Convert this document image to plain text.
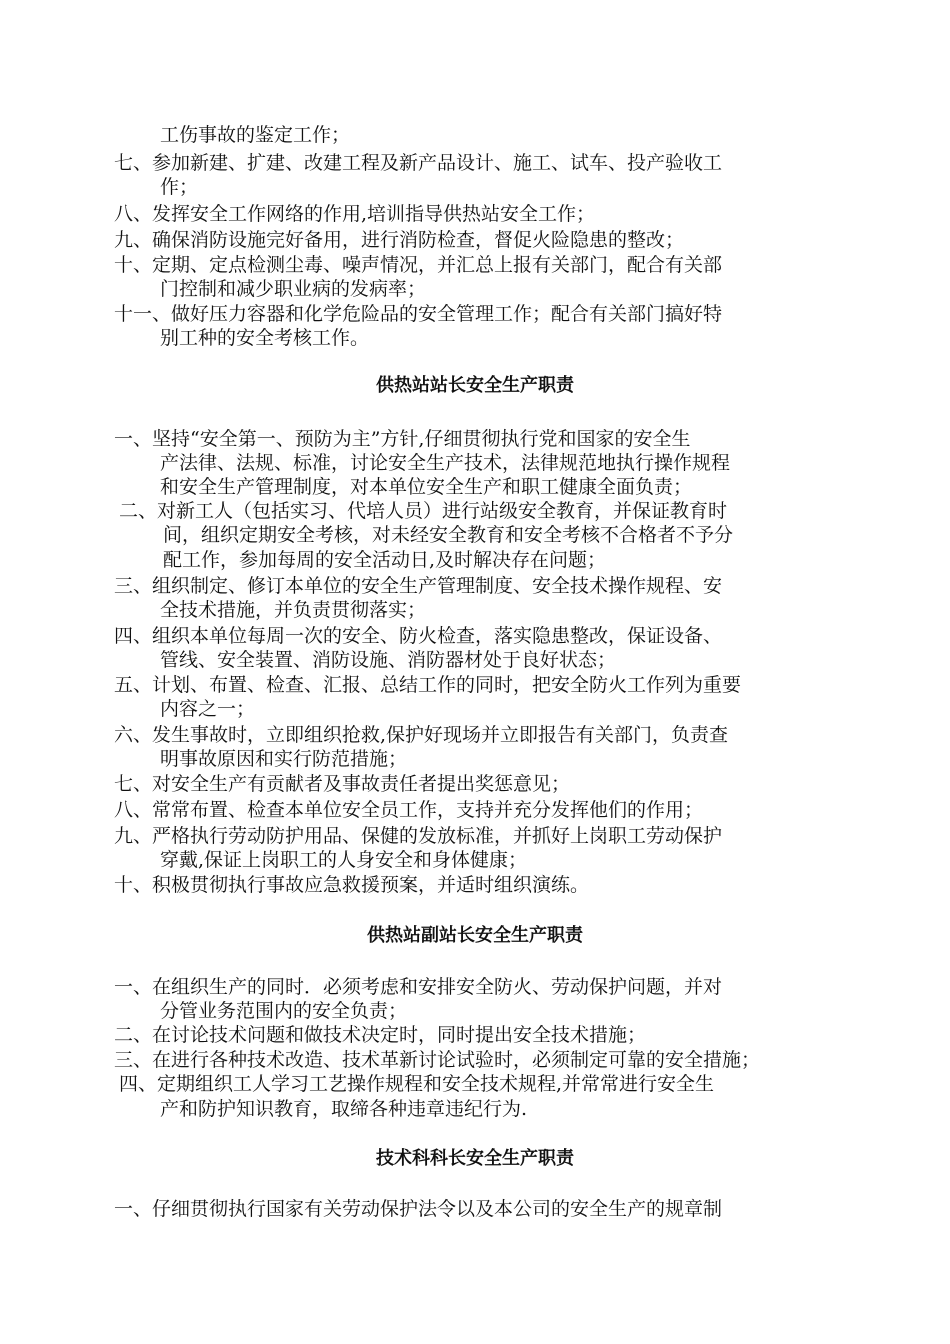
工伤事故的鉴定工作；
七、参加新建、扩建、改建工程及新产品设计、施工、试车、投产验收工
作；
八、发挥安全工作网络的作用,培训指导供热站安全工作；
九、确保消防设施完好备用，进行消防检查，督促火险隐患的整改；
十、定期、定点检测尘毒、噪声情况，并汇总上报有关部门，配合有关部
门控制和减少职业病的发病率；
十一、做好压力容器和化学危险品的安全管理工作；配合有关部门搞好特
别工种的安全考核工作。
供热站站长安全生产职责
一、坚持“安全第一、预防为主”方针,仔细贯彻执行党和国家的安全生
产法律、法规、标准，讨论安全生产技术，法律规范地执行操作规程
和安全生产管理制度，对本单位安全生产和职工健康全面负责；
二、对新工人（包括实习、代培人员）进行站级安全教育，并保证教育时
间，组织定期安全考核，对未经安全教育和安全考核不合格者不予分
配工作，参加每周的安全活动日,及时解决存在问题；
三、组织制定、修订本单位的安全生产管理制度、安全技术操作规程、安
全技术措施，并负责贯彻落实；
四、组织本单位每周一次的安全、防火检查，落实隐患整改，保证设备、
管线、安全装置、消防设施、消防器材处于良好状态；
五、计划、布置、检查、汇报、总结工作的同时，把安全防火工作列为重要
内容之一；
六、发生事故时，立即组织抢救,保护好现场并立即报告有关部门，负责查
明事故原因和实行防范措施；
七、对安全生产有贡献者及事故责任者提出奖惩意见；
八、常常布置、检查本单位安全员工作，支持并充分发挥他们的作用；
九、严格执行劳动防护用品、保健的发放标准，并抓好上岗职工劳动保护
穿戴,保证上岗职工的人身安全和身体健康；
十、积极贯彻执行事故应急救援预案，并适时组织演练。
供热站副站长安全生产职责
一、在组织生产的同时．必须考虑和安排安全防火、劳动保护问题，并对
分管业务范围内的安全负责；
二、在讨论技术问题和做技术决定时，同时提出安全技术措施；
三、在进行各种技术改造、技术革新讨论试验时，必须制定可靠的安全措施；
四、定期组织工人学习工艺操作规程和安全技术规程,并常常进行安全生
产和防护知识教育，取缔各种违章违纪行为.
技术科科长安全生产职责
一、仔细贯彻执行国家有关劳动保护法令以及本公司的安全生产的规章制
